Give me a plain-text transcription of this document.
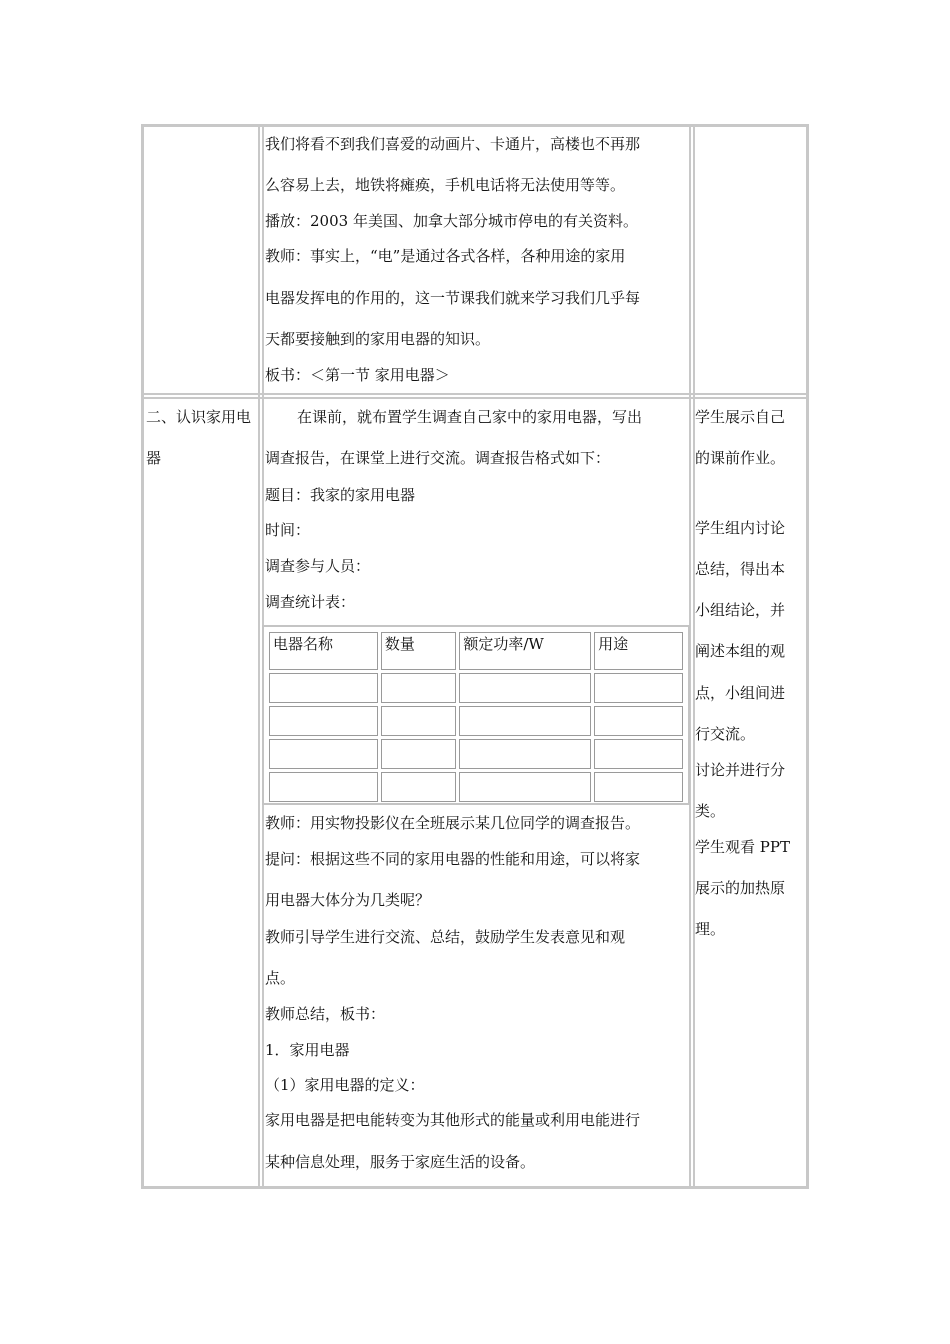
我们将看不到我们喜爱的动画片、卡通片，高楼也不再那
么容易上去，地铁将瘫痪，手机电话将无法使用等等。
播放：2003 年美国、加拿大部分城市停电的有关资料。
教师：事实上，“电”是通过各式各样，各种用途的家用
电器发挥电的作用的，这一节课我们就来学习我们几乎每
天都要接触到的家用电器的知识。
板书：＜第一节 家用电器＞
二、认识家用电
器
在课前，就布置学生调查自己家中的家用电器，写出
调查报告，在课堂上进行交流。调查报告格式如下：
题目：我家的家用电器
时间：
调查参与人员：
调查统计表：
电器名称	数量	额定功率/W	用途

教师：用实物投影仪在全班展示某几位同学的调查报告。
提问：根据这些不同的家用电器的性能和用途，可以将家
用电器大体分为几类呢？
教师引导学生进行交流、总结，鼓励学生发表意见和观
点。
教师总结，板书：
1．家用电器
（1）家用电器的定义：
家用电器是把电能转变为其他形式的能量或利用电能进行
某种信息处理，服务于家庭生活的设备。
学生展示自己
的课前作业。
学生组内讨论
总结，得出本
小组结论，并
阐述本组的观
点，小组间进
行交流。
讨论并进行分
类。
学生观看 PPT
展示的加热原
理。
